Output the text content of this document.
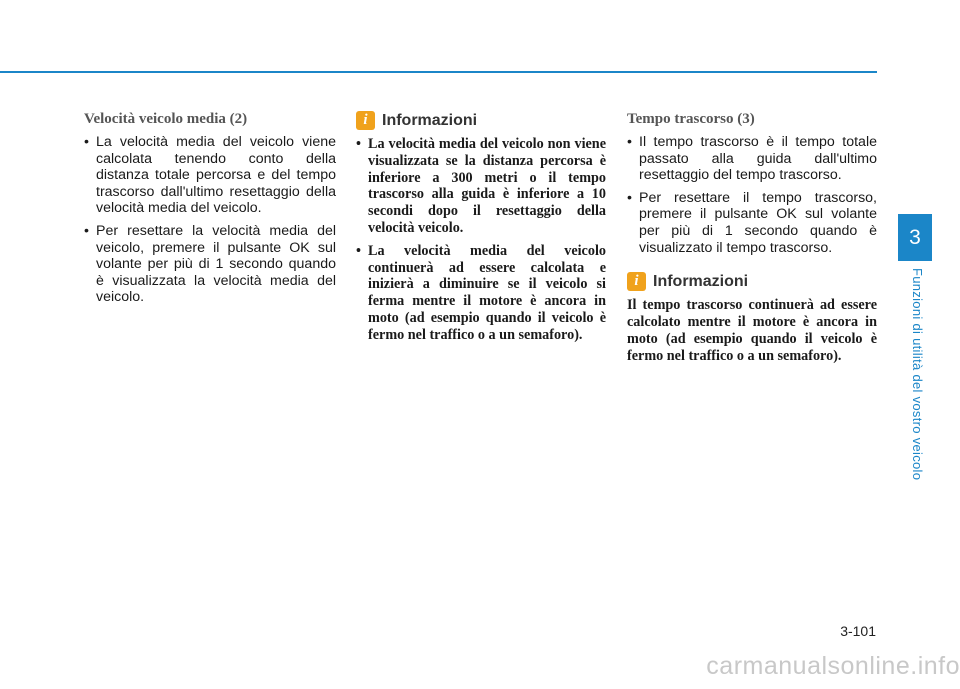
Velocità veicolo media (2)
• La velocità media del veicolo viene calcolata tenendo conto della distanza totale percorsa e del tempo trascorso dall'ultimo resettaggio della velocità media del veicolo.
• Per resettare la velocità media del veicolo, premere il pulsante OK sul volante per più di 1 secondo quando è visualizzata la velocità media del veicolo.
i Informazioni
• La velocità media del veicolo non viene visualizzata se la distanza percorsa è inferiore a 300 metri o il tempo trascorso alla guida è inferiore a 10 secondi dopo il resettaggio della velocità veicolo.
• La velocità media del veicolo continuerà ad essere calcolata e inizierà a diminuire se il veicolo si ferma mentre il motore è ancora in moto (ad esempio quando il veicolo è fermo nel traffico o a un semaforo).
Tempo trascorso (3)
• Il tempo trascorso è il tempo totale passato alla guida dall'ultimo resettaggio del tempo trascorso.
• Per resettare il tempo trascorso, premere il pulsante OK sul volante per più di 1 secondo quando è visualizzato il tempo trascorso.
i Informazioni

Il tempo trascorso continuerà ad essere calcolato mentre il motore è ancora in moto (ad esempio quando il veicolo è fermo nel traffico o a un semaforo).

3
Funzioni di utilità del vostro veicolo
3-101
carmanualsonline.info
